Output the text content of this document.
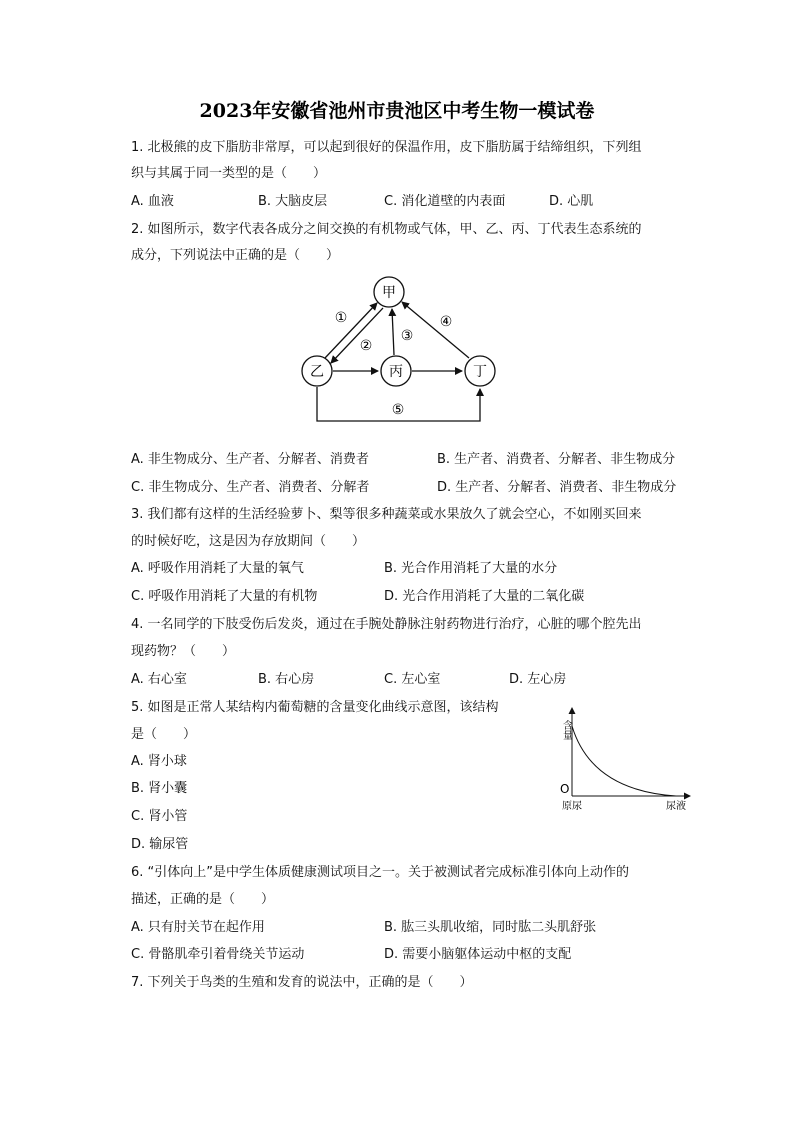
2023年安徽省池州市贵池区中考生物一模试卷
1. 北极熊的皮下脂肪非常厚，可以起到很好的保温作用，皮下脂肪属于结缔组织，下列组
织与其属于同一类型的是（　　）
A. 血液	B. 大脑皮层	C. 消化道壁的内表面	D. 心肌
2. 如图所示，数字代表各成分之间交换的有机物或气体，甲、乙、丙、丁代表生态系统的
成分，下列说法中正确的是（　　）
甲
乙	丙	丁
①
②
③
④
⑤
A. 非生物成分、生产者、分解者、消费者	B. 生产者、消费者、分解者、非生物成分
C. 非生物成分、生产者、消费者、分解者	D. 生产者、分解者、消费者、非生物成分
3. 我们都有这样的生活经验萝卜、梨等很多种蔬菜或水果放久了就会空心，不如刚买回来
的时候好吃，这是因为存放期间（　　）
A. 呼吸作用消耗了大量的氧气	B. 光合作用消耗了大量的水分
C. 呼吸作用消耗了大量的有机物	D. 光合作用消耗了大量的二氧化碳
4. 一名同学的下肢受伤后发炎，通过在手腕处静脉注射药物进行治疗，心脏的哪个腔先出
现药物？（　　）
A. 右心室	B. 右心房	C. 左心室	D. 左心房
5. 如图是正常人某结构内葡萄糖的含量变化曲线示意图，该结构
是（　　）
A. 肾小球
B. 肾小囊
C. 肾小管
D. 输尿管
含量
O
原尿	尿液
6. “引体向上”是中学生体质健康测试项目之一。关于被测试者完成标准引体向上动作的
描述，正确的是（　　）
A. 只有肘关节在起作用	B. 肱三头肌收缩，同时肱二头肌舒张
C. 骨骼肌牵引着骨绕关节运动	D. 需要小脑躯体运动中枢的支配
7. 下列关于鸟类的生殖和发育的说法中，正确的是（　　）
